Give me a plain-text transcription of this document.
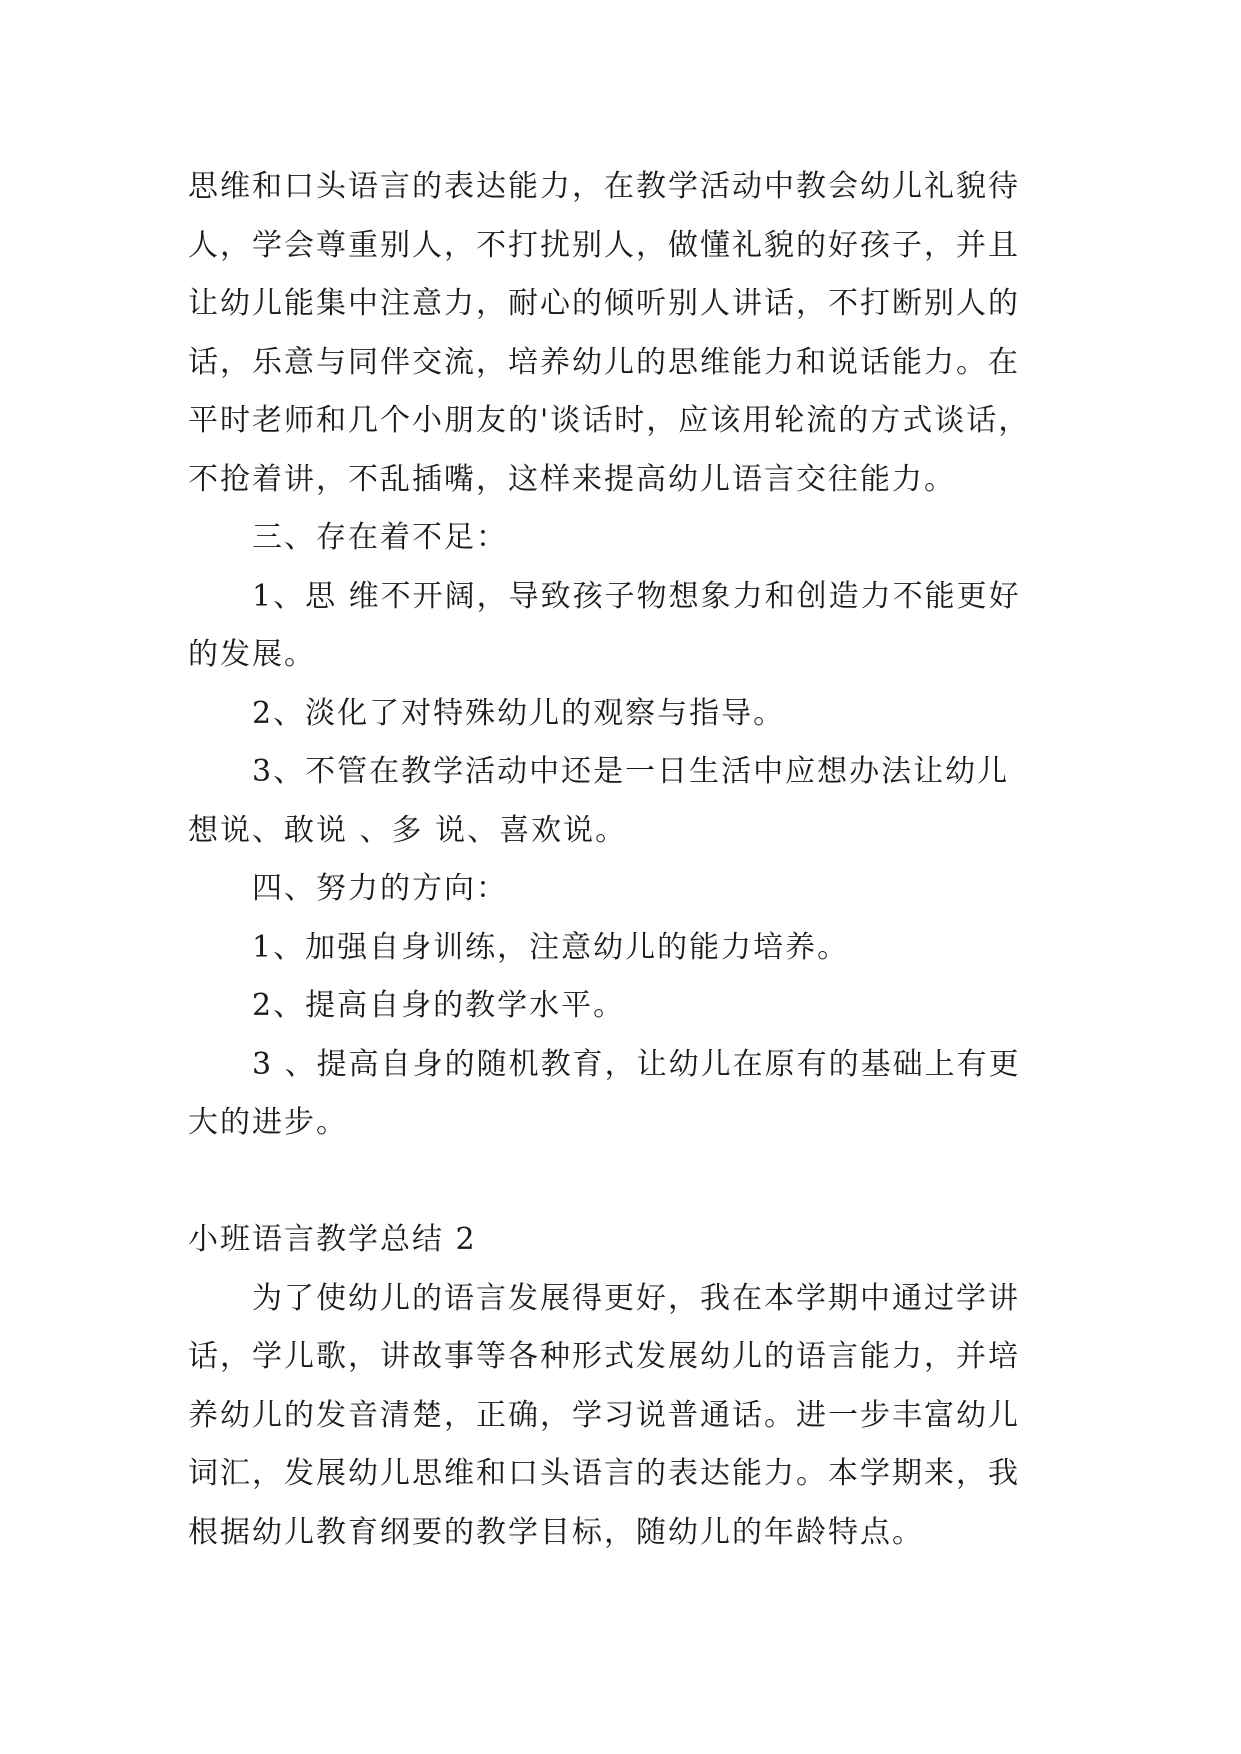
思维和口头语言的表达能力，在教学活动中教会幼儿礼貌待
人，学会尊重别人，不打扰别人，做懂礼貌的好孩子，并且
让幼儿能集中注意力，耐心的倾听别人讲话，不打断别人的
话，乐意与同伴交流，培养幼儿的思维能力和说话能力。在
平时老师和几个小朋友的'谈话时，应该用轮流的方式谈话，
不抢着讲，不乱插嘴，这样来提高幼儿语言交往能力。
三、存在着不足：
1、思 维不开阔，导致孩子物想象力和创造力不能更好
的发展。
2、淡化了对特殊幼儿的观察与指导。
3、不管在教学活动中还是一日生活中应想办法让幼儿
想说、敢说 、多 说、喜欢说。
四、努力的方向：
1、加强自身训练，注意幼儿的能力培养。
2、提高自身的教学水平。
3 、提高自身的随机教育，让幼儿在原有的基础上有更
大的进步。
小班语言教学总结 2
为了使幼儿的语言发展得更好，我在本学期中通过学讲
话，学儿歌，讲故事等各种形式发展幼儿的语言能力，并培
养幼儿的发音清楚，正确，学习说普通话。进一步丰富幼儿
词汇，发展幼儿思维和口头语言的表达能力。本学期来，我
根据幼儿教育纲要的教学目标，随幼儿的年龄特点。
